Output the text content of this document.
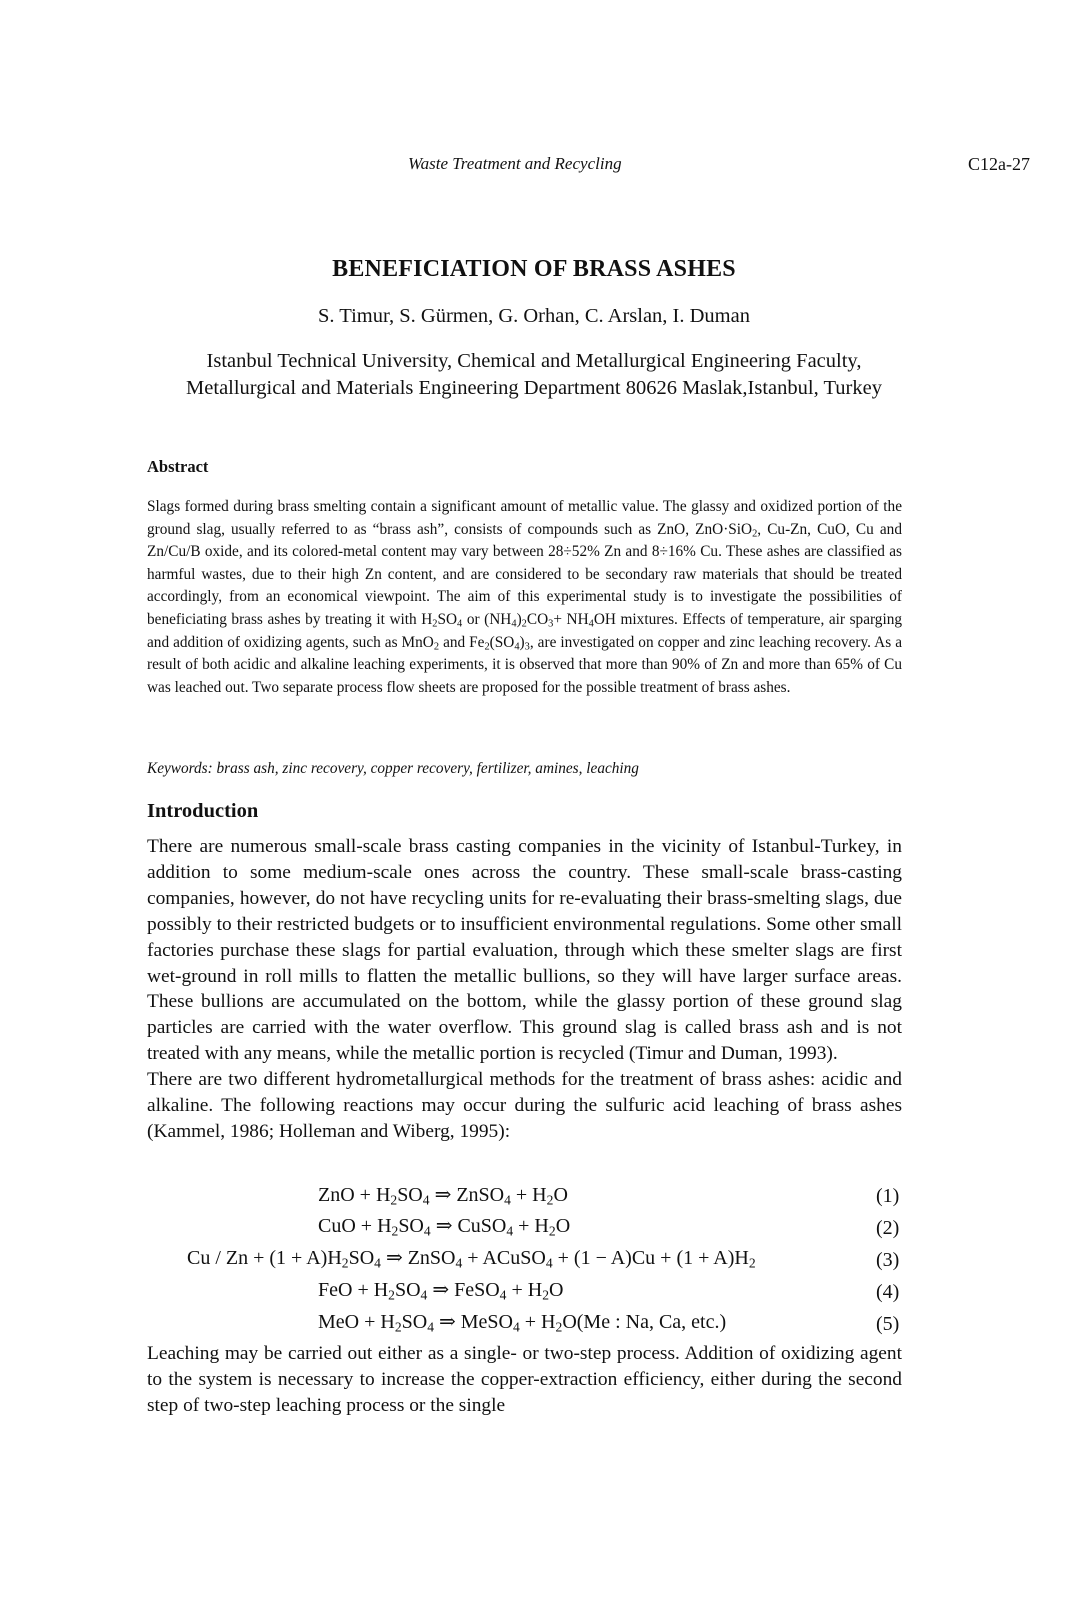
Waste Treatment and Recycling	C12a-27
BENEFICIATION OF BRASS ASHES
S. Timur, S. Gürmen, G. Orhan, C. Arslan, I. Duman
Istanbul Technical University, Chemical and Metallurgical Engineering Faculty,
Metallurgical and Materials Engineering Department 80626 Maslak,Istanbul, Turkey
Abstract
Slags formed during brass smelting contain a significant amount of metallic value. The glassy and oxidized portion of the ground slag, usually referred to as “brass ash”, consists of compounds such as ZnO, ZnO·SiO$_2$, Cu-Zn, CuO, Cu and Zn/Cu/B oxide, and its colored-metal content may vary between 28÷52% Zn and 8÷16% Cu. These ashes are classified as harmful wastes, due to their high Zn content, and are considered to be secondary raw materials that should be treated accordingly, from an economical viewpoint. The aim of this experimental study is to investigate the possibilities of beneficiating brass ashes by treating it with $H_2SO_4$ or $(NH_4)_2CO_3+ NH_4OH$ mixtures. Effects of temperature, air sparging and addition of oxidizing agents, such as MnO$_2$ and $Fe_2(SO_4)_3$, are investigated on copper and zinc leaching recovery. As a result of both acidic and alkaline leaching experiments, it is observed that more than 90% of Zn and more than 65% of Cu was leached out. Two separate process flow sheets are proposed for the possible treatment of brass ashes.
Keywords: brass ash, zinc recovery, copper recovery, fertilizer, amines, leaching
Introduction
There are numerous small-scale brass casting companies in the vicinity of Istanbul-Turkey, in addition to some medium-scale ones across the country. These small-scale brass-casting companies, however, do not have recycling units for re-evaluating their brass-smelting slags, due possibly to their restricted budgets or to insufficient environmental regulations. Some other small factories purchase these slags for partial evaluation, through which these smelter slags are first wet-ground in roll mills to flatten the metallic bullions, so they will have larger surface areas. These bullions are accumulated on the bottom, while the glassy portion of these ground slag particles are carried with the water overflow. This ground slag is called brass ash and is not treated with any means, while the metallic portion is recycled (Timur and Duman, 1993).
There are two different hydrometallurgical methods for the treatment of brass ashes: acidic and alkaline. The following reactions may occur during the sulfuric acid leaching of brass ashes (Kammel, 1986; Holleman and Wiberg, 1995):
ZnO + $H_2SO_4$ ⇒ ZnSO$_4$ + $H_2O$	(1)
CuO + $H_2SO_4$ ⇒ CuSO$_4$ + $H_2O$	(2)
$Cu / Zn + (1 + A)H_2SO_4$ ⇒ ZnSO$_4$ + ACuSO$_4$ + $(1 - A)Cu + (1 + A)H_2$	(3)
FeO + $H_2SO_4$ ⇒ FeSO$_4$ + $H_2O$	(4)
MeO + $H_2SO_4$ ⇒ MeSO$_4$ + $H_2O(Me$ : Na, Ca, etc.)	(5)
Leaching may be carried out either as a single- or two-step process. Addition of oxidizing agent to the system is necessary to increase the copper-extraction efficiency, either during the second step of two-step leaching process or the single
